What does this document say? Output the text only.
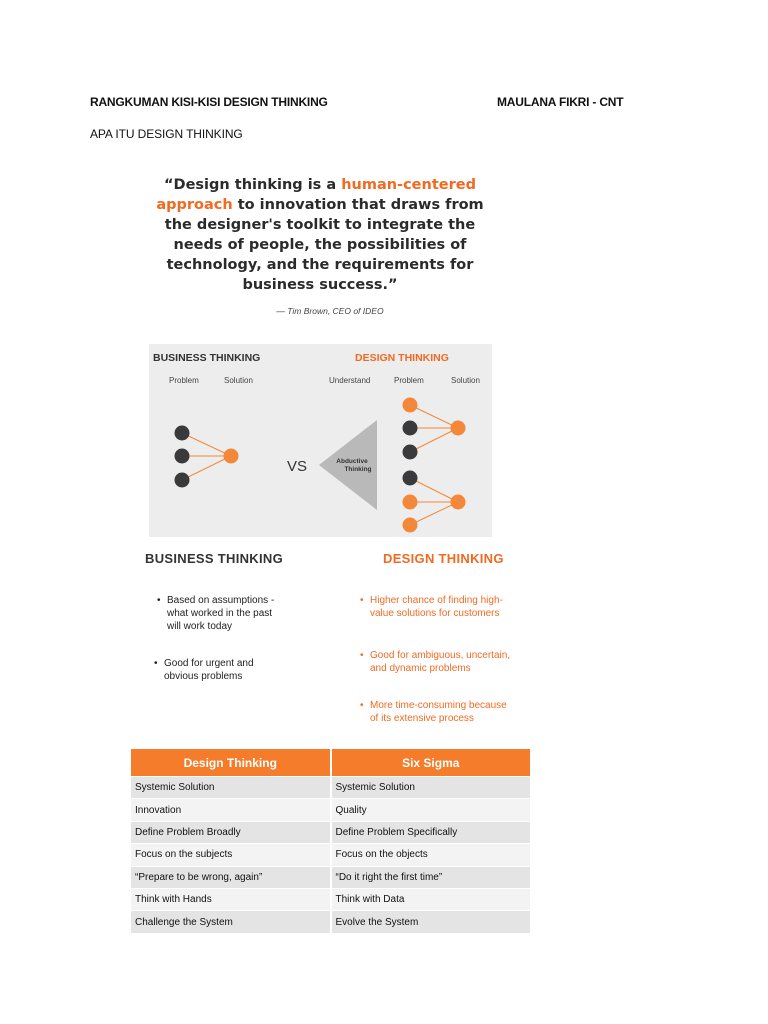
RANGKUMAN KISI-KISI DESIGN THINKING	MAULANA FIKRI - CNT
APA ITU DESIGN THINKING
“Design thinking is a human-centered
approach to innovation that draws from
the designer's toolkit to integrate the
needs of people, the possibilities of
technology, and the requirements for
business success.”
— Tim Brown, CEO of IDEO
BUSINESS THINKING
Problem	Solution
VS	Abductive
Thinking
DESIGN THINKING
Understand	Problem	Solution
BUSINESS THINKING	DESIGN THINKING
• Based on assumptions -
what worked in the past
will work today
• Good for urgent and
obvious problems
• Higher chance of finding high-
value solutions for customers
• Good for ambiguous, uncertain,
and dynamic problems
• More time-consuming because
of its extensive process
Design Thinking	Six Sigma
Systemic Solution	Systemic Solution
Innovation	Quality
Define Problem Broadly	Define Problem Specifically
Focus on the subjects	Focus on the objects
“Prepare to be wrong, again”	“Do it right the first time”
Think with Hands	Think with Data
Challenge the System	Evolve the System
